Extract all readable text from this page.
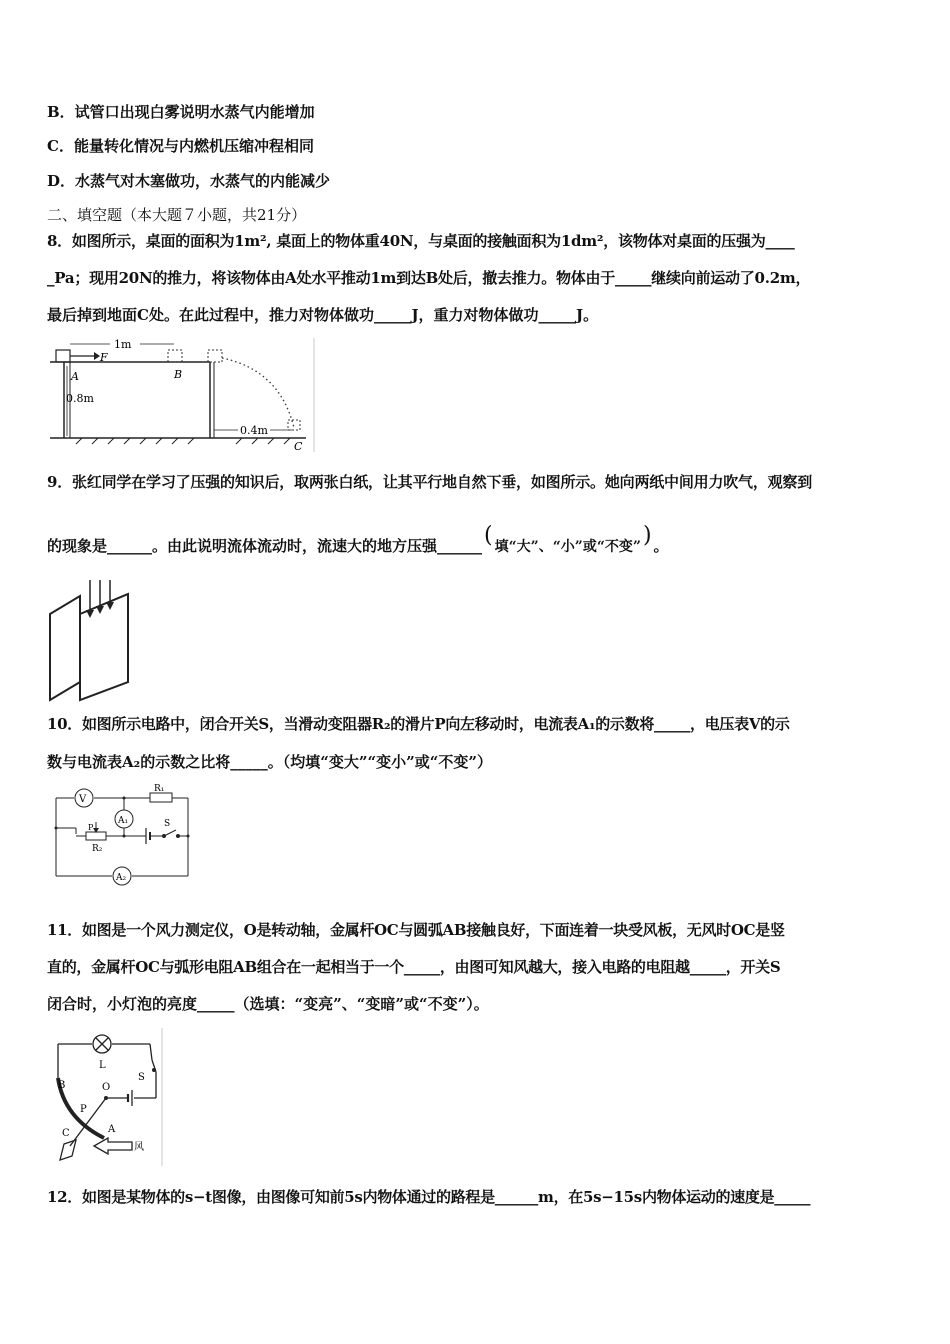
B．试管口出现白雾说明水蒸气内能增加
C．能量转化情况与内燃机压缩冲程相同
D．水蒸气对木塞做功，水蒸气的内能减少
二、填空题（本大题７小题，共21分）
8．如图所示，桌面的面积为1m², 桌面上的物体重40N，与桌面的接触面积为1dm²，该物体对桌面的压强为____
_Pa；现用20N的推力，将该物体由A处水平推动1m到达B处后，撤去推力。物体由于_____继续向前运动了0.2m，
最后掉到地面C处。在此过程中，推力对物体做功_____J，重力对物体做功_____J。
F
1m
B
A
0.8m
0.4m
C
9．张红同学在学习了压强的知识后，取两张白纸，让其平行地自然下垂，如图所示。她向两纸中间用力吹气，观察到
的现象是______。由此说明流体流动时，流速大的地方压强______( 填“大”、“小”或“不变”) 。
10．如图所示电路中，闭合开关S，当滑动变阻器R₂的滑片P向左移动时，电流表A₁的示数将_____，电压表V的示
数与电流表A₂的示数之比将_____。（均填“变大”“变小”或“不变”）
V
R₁
A₁
P	S
R₂
A₂
11．如图是一个风力测定仪，O是转动轴，金属杆OC与圆弧AB接触良好，下面连着一块受风板，无风时OC是竖
直的，金属杆OC与弧形电阻AB组合在一起相当于一个_____，由图可知风越大，接入电路的电阻越_____，开关S
闭合时，小灯泡的亮度_____（选填：“变亮”、“变暗”或“不变”）。
L
S
B	O
P
C	A
风
12．如图是某物体的s−t图像，由图像可知前5s内物体通过的路程是______m，在5s−15s内物体运动的速度是_____
